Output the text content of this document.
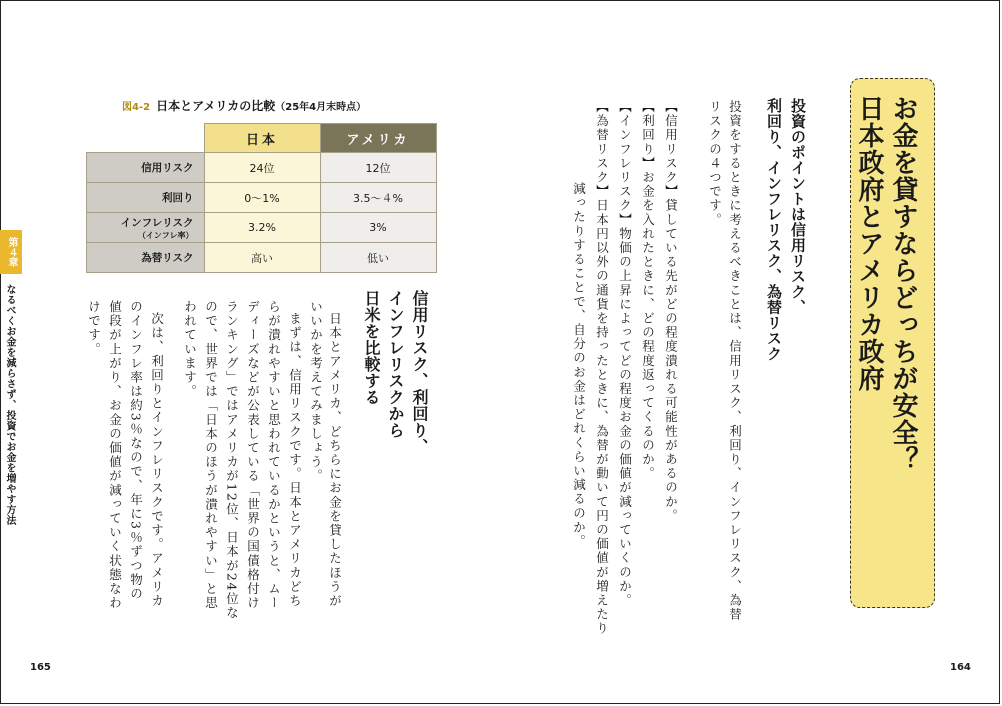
お金を貸すならどっちが安全？
日本政府とアメリカ政府
投資のポイントは信用リスク、
利回り、インフレリスク、為替リスク
投資をするときに考えるべきことは、信用リスク、利回り、インフレリスク、為替
リスクの４つです。
【信用リスク】貸している先がどの程度潰れる可能性があるのか。
【利回り】お金を入れたときに、どの程度返ってくるのか。
【インフレリスク】物価の上昇によってどの程度お金の価値が減っていくのか。
【為替リスク】日本円以外の通貨を持ったときに、為替が動いて円の価値が増えたり
減ったりすることで、自分のお金はどれくらい減るのか。
信用リスク、利回り、
インフレリスクから
日米を比較する
日本とアメリカ、どちらにお金を貸したほうが
いいかを考えてみましょう。
まずは、信用リスクです。日本とアメリカどち
らが潰れやすいと思われているかというと、ムー
ディーズなどが公表している「世界の国債格付け
ランキング」ではアメリカが12位、日本が24位な
ので、世界では「日本のほうが潰れやすい」と思
われています。
次は、利回りとインフレリスクです。アメリカ
のインフレ率は約3％なので、年に3％ずつ物の
値段が上がり、お金の価値が減っていく状態なわ
けです。
図4-2 日本とアメリカの比較（25年4月末時点）
	日本	アメリカ
信用リスク	24位	12位
利回り	0〜1%	3.5〜４%
インフレリスク
（インフレ率）	3.2%	3%
為替リスク	高い	低い
第４章
なるべくお金を減らさず、投資でお金を増やす方法
165	164
